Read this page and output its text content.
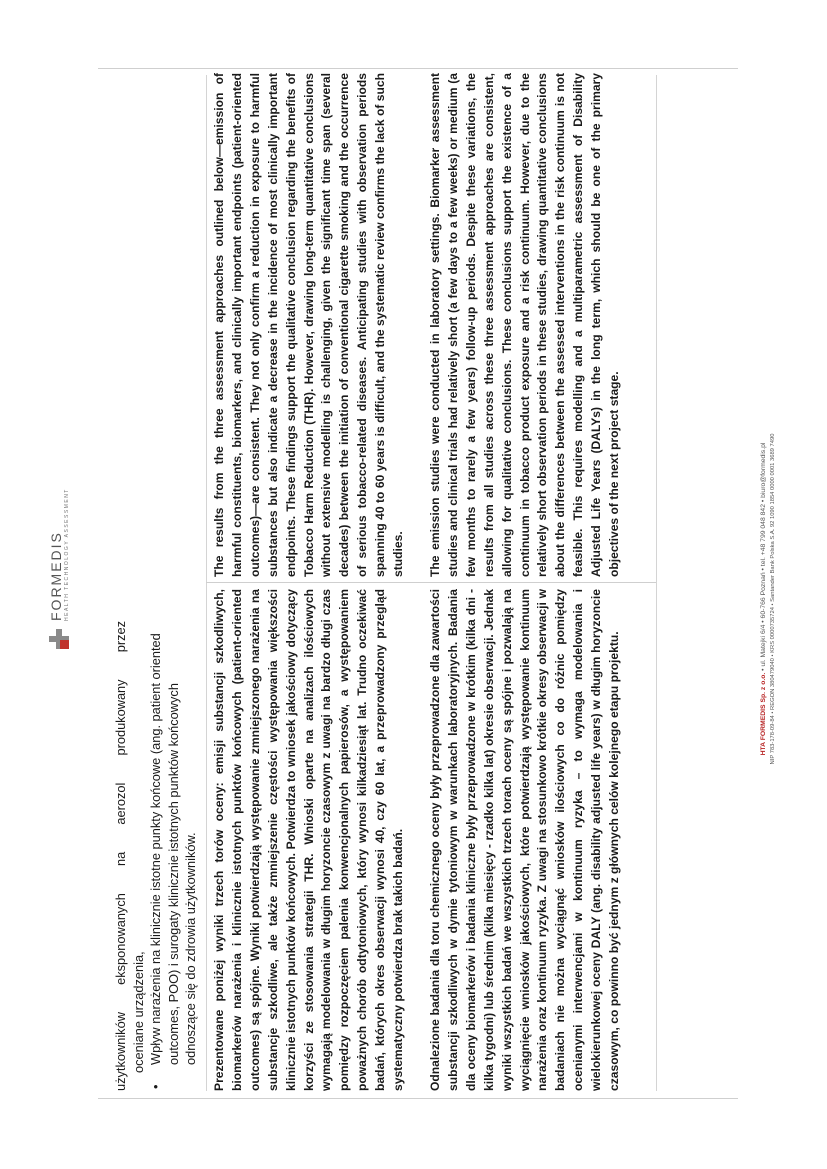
FORMEDIS HEALTH TECHNOLOGY ASSESSMENT
użytkowników eksponowanych na aerozol produkowany przez oceniane urządzenia,
• Wpływ narażenia na klinicznie istotne punkty końcowe (ang. patient oriented outcomes, POO) i surogaty klinicznie istotnych punktów końcowych odnoszące się do zdrowia użytkowników. Prezentowane poniżej wyniki trzech torów oceny: emisji substancji szkodliwych, biomarkerów narażenia i klinicznie istotnych punktów końcowych (patient-oriented outcomes) są spójne. Wyniki potwierdzają występowanie zmniejszonego narażenia na substancje szkodliwe, ale także zmniejszenie częstości występowania większości klinicznie istotnych punktów końcowych. Potwierdza to wniosek jakościowy dotyczący korzyści ze stosowania strategii THR. Wnioski oparte na analizach ilościowych wymagają modelowania w długim horyzoncie czasowym z uwagi na bardzo długi czas pomiędzy rozpoczęciem palenia konwencjonalnych papierosów, a występowaniem poważnych chorób odtytoniowych, który wynosi kilkadziesiąt lat. Trudno oczekiwać badań, których okres obserwacji wynosi 40, czy 60 lat, a przeprowadzony przegląd systematyczny potwierdza brak takich badań. Odnalezione badania dla toru chemicznego oceny były przeprowadzone dla zawartości substancji szkodliwych w dymie tytoniowym w warunkach laboratoryjnych. Badania dla oceny biomarkerów i badania kliniczne były przeprowadzone w krótkim (kilka dni - kilka tygodni) lub średnim (kilka miesięcy - rzadko kilka lat) okresie obserwacji. Jednak wyniki wszystkich badań we wszystkich trzech torach oceny są spójne i pozwalają na wyciągnięcie wniosków jakościowych, które potwierdzają występowanie kontinuum narażenia oraz kontinuum ryzyka. Z uwagi na stosunkowo krótkie okresy obserwacji w badaniach nie można wyciągnąć wniosków ilościowych co do różnic pomiędzy ocenianymi interwencjami w kontinuum ryzyka – to wymaga modelowania i wielokierunkowej oceny DALY (ang. disability adjusted life years) w długim horyzoncie czasowym, co powinno być jednym z głównych celów kolejnego etapu projektu.

The results from the three assessment approaches outlined below—emission of harmful constituents, biomarkers, and clinically important endpoints (patient-oriented outcomes)—are consistent. They not only confirm a reduction in exposure to harmful substances but also indicate a decrease in the incidence of most clinically important endpoints. These findings support the qualitative conclusion regarding the benefits of Tobacco Harm Reduction (THR). However, drawing long-term quantitative conclusions without extensive modelling is challenging, given the significant time span (several decades) between the initiation of conventional cigarette smoking and the occurrence of serious tobacco-related diseases. Anticipating studies with observation periods spanning 40 to 60 years is difficult, and the systematic review confirms the lack of such studies. The emission studies were conducted in laboratory settings. Biomarker assessment studies and clinical trials had relatively short (a few days to a few weeks) or medium (a few months to rarely a few years) follow-up periods. Despite these variations, the results from all studies across these three assessment approaches are consistent, allowing for qualitative conclusions. These conclusions support the existence of a continuum in tobacco product exposure and a risk continuum. However, due to the relatively short observation periods in these studies, drawing quantitative conclusions about the differences between the assessed interventions in the risk continuum is not feasible. This requires modelling and a multiparametric assessment of Disability Adjusted Life Years (DALYs) in the long term, which should be one of the primary objectives of the next project stage.

HTA FORMEDIS Sp. z o.o. • ul. Matejki 6/4 • 60-766 Poznań • tel. +48 799 048 842 • biuro@formedis.pl NIP 783-178-09-84 • REGON 380479040 • KRS 0000735724 • Santander Bank Polska S.A. 92 1090 1854 0000 0001 3689 7490
